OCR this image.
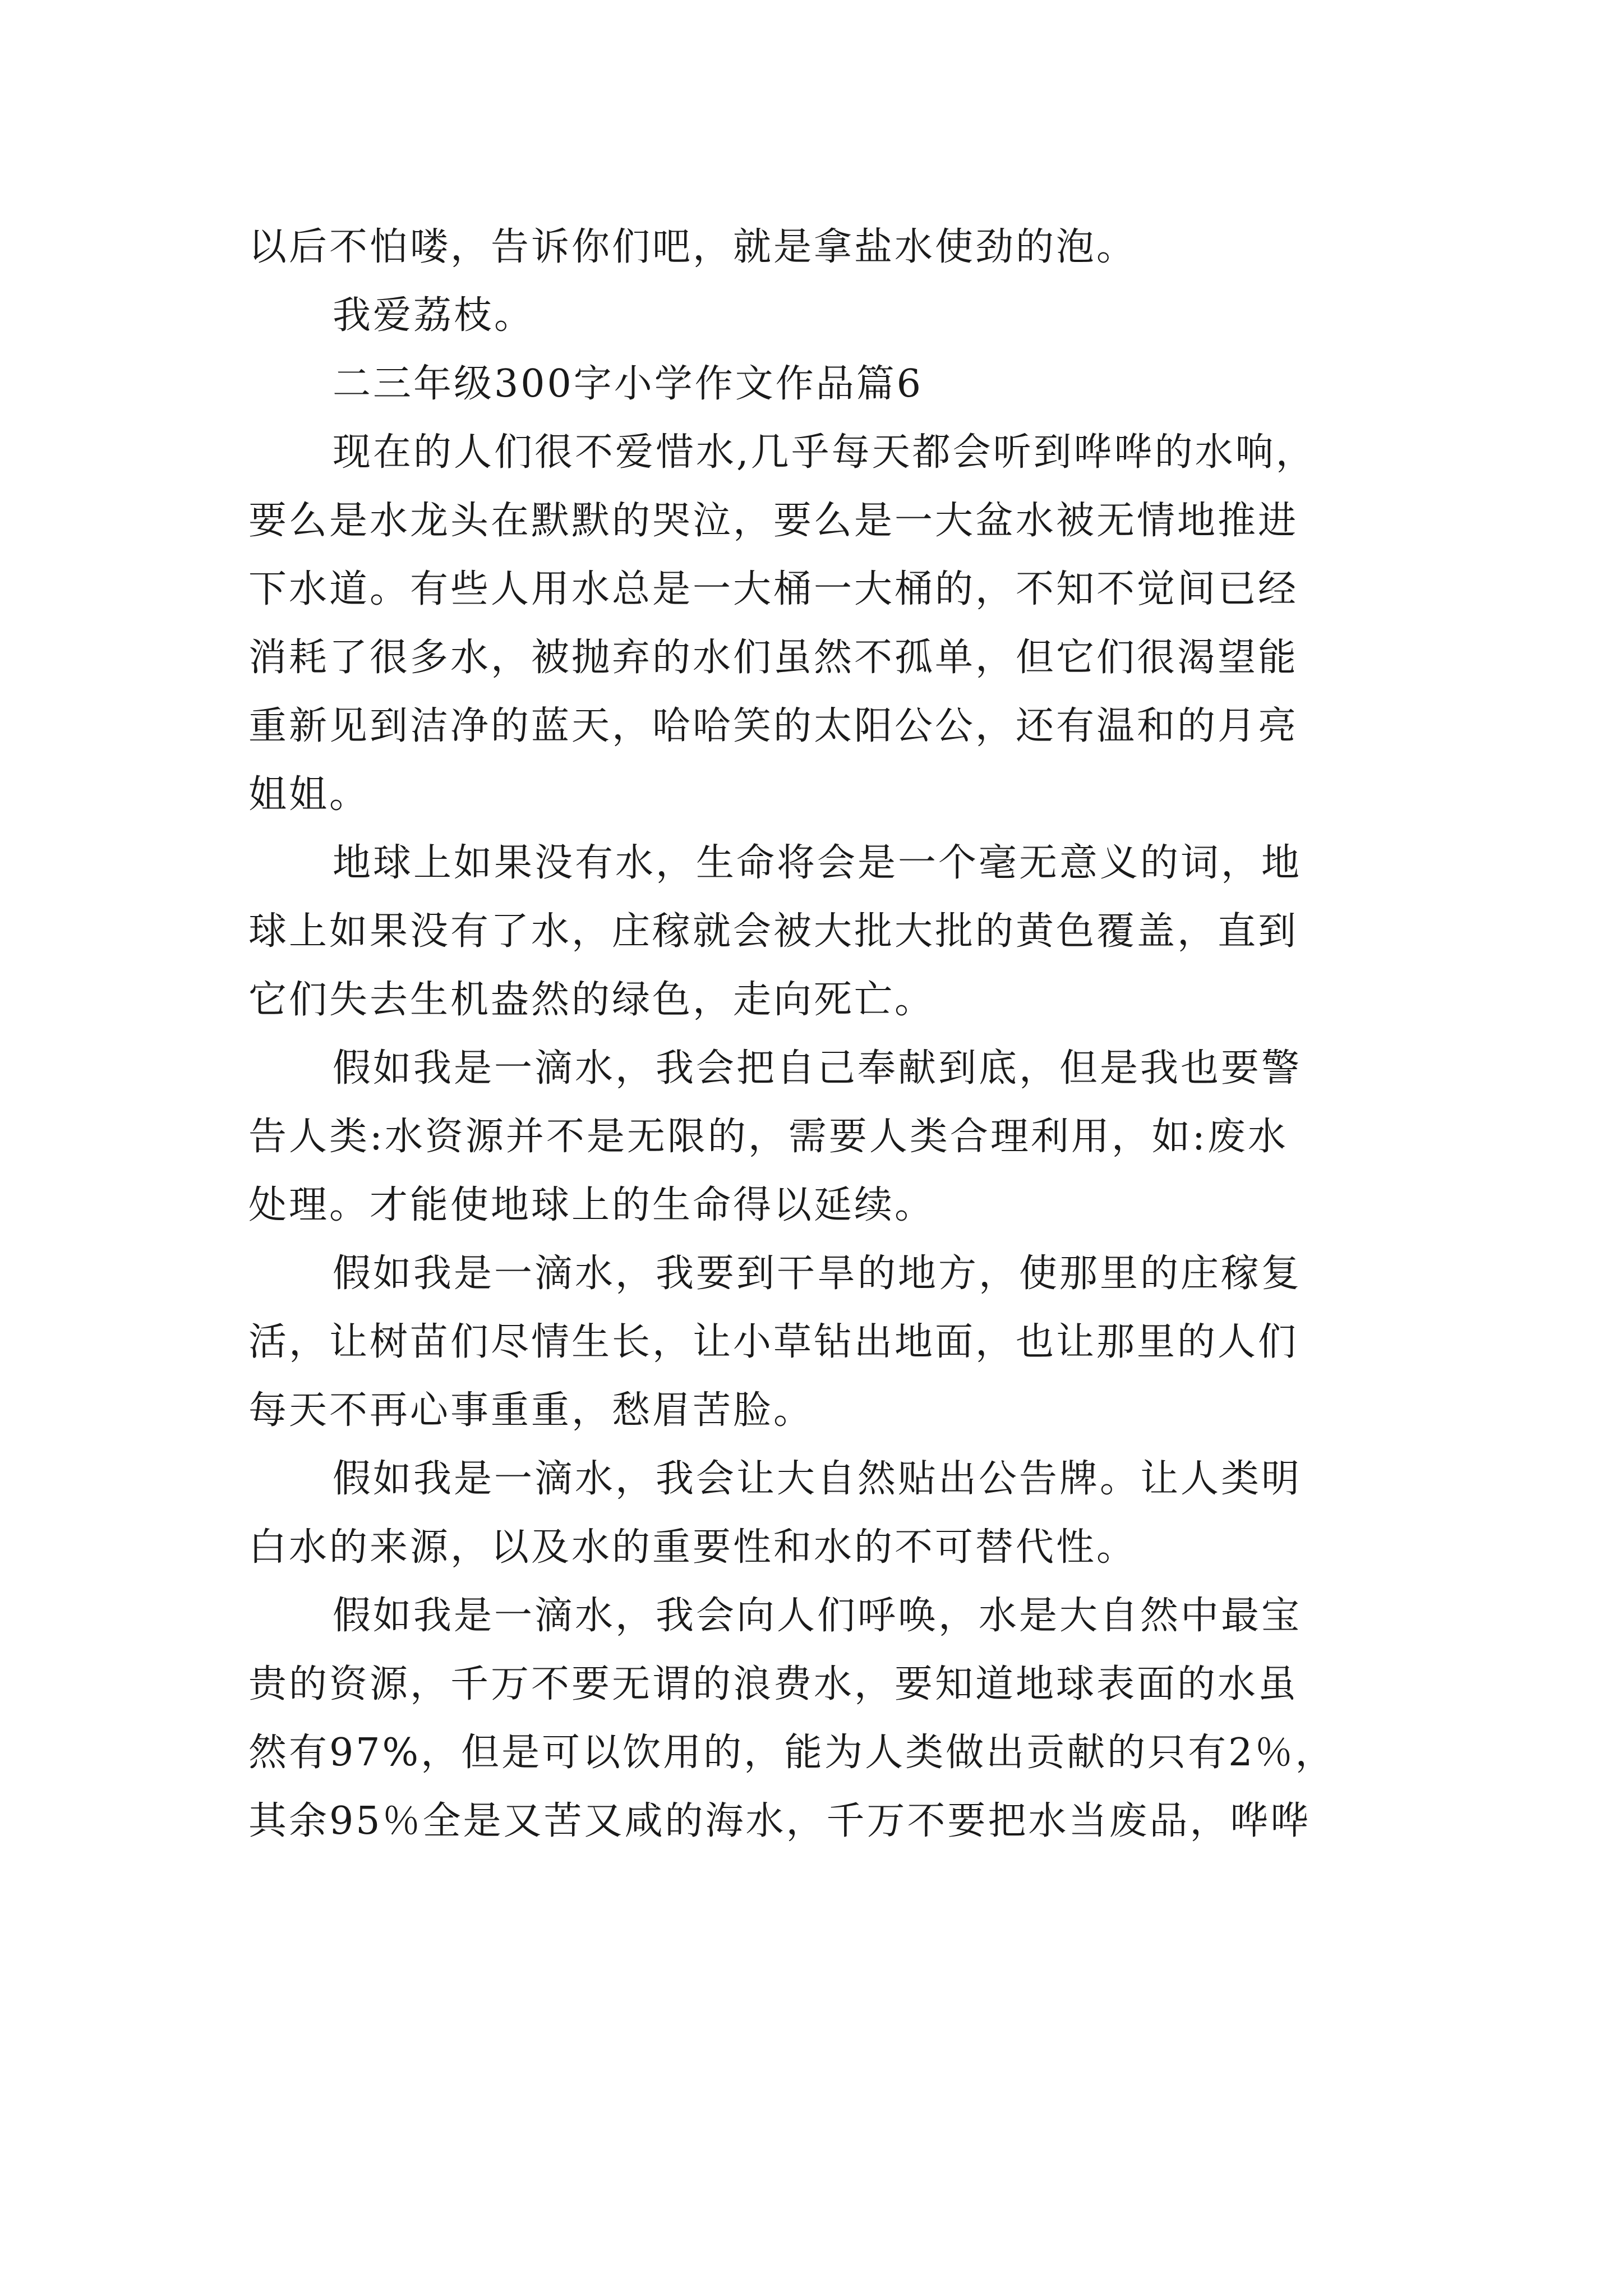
以后不怕喽，告诉你们吧，就是拿盐水使劲的泡。
我爱荔枝。
二三年级300字小学作文作品篇6
现在的人们很不爱惜水,几乎每天都会听到哗哗的水响，
要么是水龙头在默默的哭泣，要么是一大盆水被无情地推进
下水道。有些人用水总是一大桶一大桶的，不知不觉间已经
消耗了很多水，被抛弃的水们虽然不孤单，但它们很渴望能
重新见到洁净的蓝天，哈哈笑的太阳公公，还有温和的月亮
姐姐。
地球上如果没有水，生命将会是一个毫无意义的词，地
球上如果没有了水，庄稼就会被大批大批的黄色覆盖，直到
它们失去生机盎然的绿色，走向死亡。
假如我是一滴水，我会把自己奉献到底，但是我也要警
告人类:水资源并不是无限的，需要人类合理利用，如:废水
处理。才能使地球上的生命得以延续。
假如我是一滴水，我要到干旱的地方，使那里的庄稼复
活，让树苗们尽情生长，让小草钻出地面，也让那里的人们
每天不再心事重重，愁眉苦脸。
假如我是一滴水，我会让大自然贴出公告牌。让人类明
白水的来源，以及水的重要性和水的不可替代性。
假如我是一滴水，我会向人们呼唤，水是大自然中最宝
贵的资源，千万不要无谓的浪费水，要知道地球表面的水虽
然有97%，但是可以饮用的，能为人类做出贡献的只有2％，
其余95％全是又苦又咸的海水，千万不要把水当废品，哗哗
